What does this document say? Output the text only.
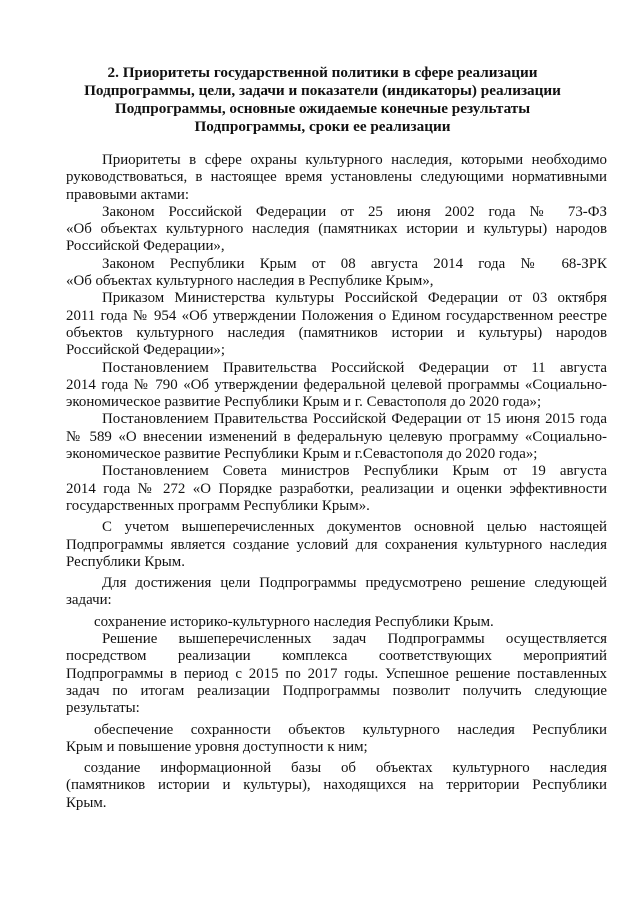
2. Приоритеты государственной политики в сфере реализации
Подпрограммы, цели, задачи и показатели (индикаторы) реализации
Подпрограммы, основные ожидаемые конечные результаты
Подпрограммы, сроки ее реализации

Приоритеты в сфере охраны культурного наследия, которыми необходимо
руководствоваться, в настоящее время установлены следующими нормативными
правовыми актами:

Законом Российской Федерации от 25 июня 2002 года № 73-ФЗ
«Об объектах культурного наследия (памятниках истории и культуры) народов
Российской Федерации»,

Законом Республики Крым от 08 августа 2014 года № 68-ЗРК
«Об объектах культурного наследия в Республике Крым»,

Приказом Министерства культуры Российской Федерации от 03 октября
2011 года № 954 «Об утверждении Положения о Едином государственном реестре
объектов культурного наследия (памятников истории и культуры) народов
Российской Федерации»;

Постановлением Правительства Российской Федерации от 11 августа
2014 года № 790 «Об утверждении федеральной целевой программы «Социально-
экономическое развитие Республики Крым и г. Севастополя до 2020 года»;

Постановлением Правительства Российской Федерации от 15 июня 2015 года
№ 589 «О внесении изменений в федеральную целевую программу «Социально-
экономическое развитие Республики Крым и г.Севастополя до 2020 года»;

Постановлением Совета министров Республики Крым от 19 августа
2014 года № 272 «О Порядке разработки, реализации и оценки эффективности
государственных программ Республики Крым».

С учетом вышеперечисленных документов основной целью настоящей
Подпрограммы является создание условий для сохранения культурного наследия
Республики Крым.

Для достижения цели Подпрограммы предусмотрено решение следующей
задачи:

сохранение историко-культурного наследия Республики Крым.

Решение вышеперечисленных задач Подпрограммы осуществляется
посредством реализации комплекса соответствующих мероприятий
Подпрограммы в период с 2015 по 2017 годы. Успешное решение поставленных
задач по итогам реализации Подпрограммы позволит получить следующие
результаты:

обеспечение сохранности объектов культурного наследия Республики
Крым и повышение уровня доступности к ним;

создание информационной базы об объектах культурного наследия
(памятников истории и культуры), находящихся на территории Республики
Крым.
